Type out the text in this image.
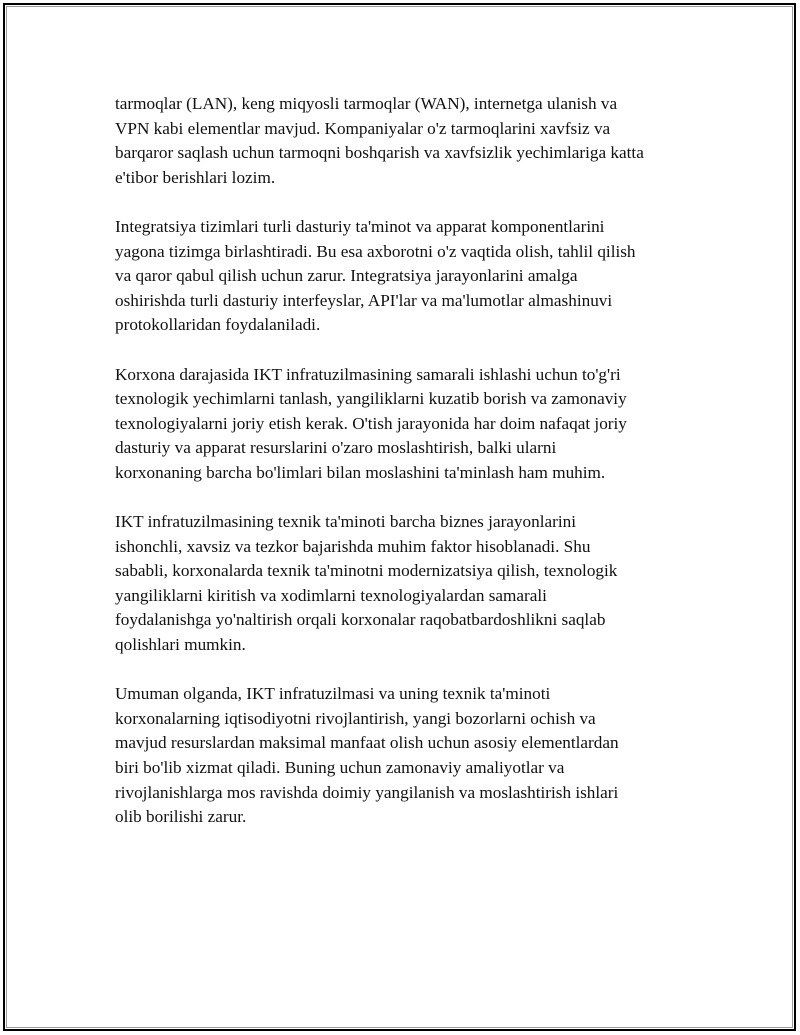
tarmoqlar (LAN), keng miqyosli tarmoqlar (WAN), internetga ulanish va
VPN kabi elementlar mavjud. Kompaniyalar o'z tarmoqlarini xavfsiz va
barqaror saqlash uchun tarmoqni boshqarish va xavfsizlik yechimlariga katta
e'tibor berishlari lozim.

Integratsiya tizimlari turli dasturiy ta'minot va apparat komponentlarini
yagona tizimga birlashtiradi. Bu esa axborotni o'z vaqtida olish, tahlil qilish
va qaror qabul qilish uchun zarur. Integratsiya jarayonlarini amalga
oshirishda turli dasturiy interfeyslar, API'lar va ma'lumotlar almashinuvi
protokollaridan foydalaniladi.

Korxona darajasida IKT infratuzilmasining samarali ishlashi uchun to'g'ri
texnologik yechimlarni tanlash, yangiliklarni kuzatib borish va zamonaviy
texnologiyalarni joriy etish kerak. O'tish jarayonida har doim nafaqat joriy
dasturiy va apparat resurslarini o'zaro moslashtirish, balki ularni
korxonaning barcha bo'limlari bilan moslashini ta'minlash ham muhim.

IKT infratuzilmasining texnik ta'minoti barcha biznes jarayonlarini
ishonchli, xavsiz va tezkor bajarishda muhim faktor hisoblanadi. Shu
sababli, korxonalarda texnik ta'minotni modernizatsiya qilish, texnologik
yangiliklarni kiritish va xodimlarni texnologiyalardan samarali
foydalanishga yo'naltirish orqali korxonalar raqobatbardoshlikni saqlab
qolishlari mumkin.

Umuman olganda, IKT infratuzilmasi va uning texnik ta'minoti
korxonalarning iqtisodiyotni rivojlantirish, yangi bozorlarni ochish va
mavjud resurslardan maksimal manfaat olish uchun asosiy elementlardan
biri bo'lib xizmat qiladi. Buning uchun zamonaviy amaliyotlar va
rivojlanishlarga mos ravishda doimiy yangilanish va moslashtirish ishlari
olib borilishi zarur.
